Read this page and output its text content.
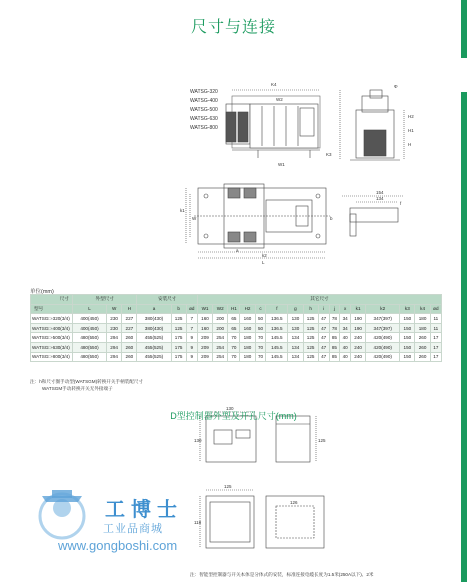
尺寸与连接
WATSG-320
WATSG-400
WATSG-500
WATSG-630
WATSG-800
K4
W2
W1
K3
Φ
H2
H1
H
k1
W
a
L
k2
b
154
f
134
130
130	125
125
118
126
单位(mm)
尺寸	外型尺寸			安装尺寸			其它尺寸															
型号	L	W	H	a	b	ød	W1	W2	H1	H2	c	f	g	h	i	j	x	k1	k2	k3	k4	ød
WATSG□-320(3/4)	400(450)	230	227	380(430)	125	7	160	200	65	160	50	136.5	130	125	47	78	34	190	347(397)	150	180	11
WATSG□-400(3/4)	400(450)	230	227	380(430)	125	7	160	200	65	160	50	136.5	130	125	47	78	34	190	347(397)	150	180	11
WATSG□-500(3/4)	480(550)	294	260	455(525)	175	9	209	254	70	180	70	145.5	134	125	47	85	40	240	420(490)	150	260	17
WATSG□-630(3/4)	480(550)	294	260	455(525)	175	9	209	254	70	180	70	145.5	134	125	47	85	40	240	420(490)	150	260	17
WATSG□-800(3/4)	480(550)	294	260	455(525)	175	9	209	254	70	180	70	145.5	134	125	47	85	40	240	420(490)	150	260	17
注：h和尺寸圈手动型(WATSGM)转换开关手柄装配尺寸
WATSGM手动转换开关无外接端子
D型控制器外型及开孔尺寸(mm)
注：智能型控制器与开关本体是分体式的安装，标准连接电缆长度为1.5米(250A以下)、2米
工博士
工业品商城
www.gongboshi.com
